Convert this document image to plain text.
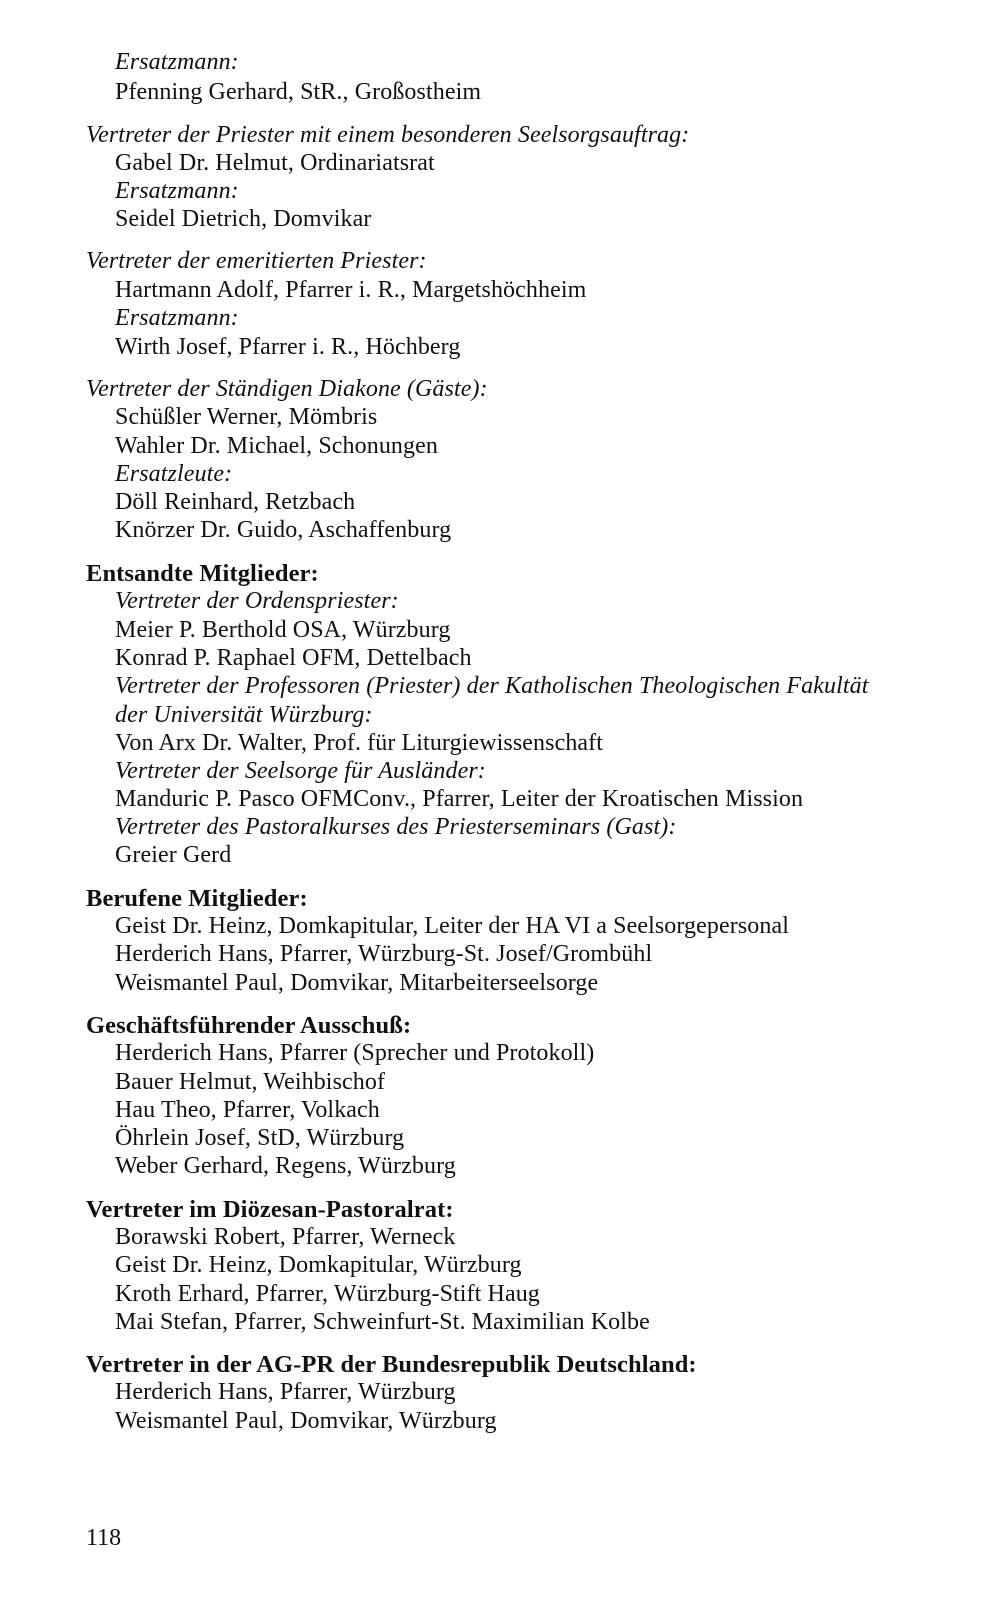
Ersatzmann:
Pfenning Gerhard, StR., Großostheim
Vertreter der Priester mit einem besonderen Seelsorgsauftrag:
Gabel Dr. Helmut, Ordinariatsrat
Ersatzmann:
Seidel Dietrich, Domvikar
Vertreter der emeritierten Priester:
Hartmann Adolf, Pfarrer i. R., Margetshöchheim
Ersatzmann:
Wirth Josef, Pfarrer i. R., Höchberg
Vertreter der Ständigen Diakone (Gäste):
Schüßler Werner, Mömbris
Wahler Dr. Michael, Schonungen
Ersatzleute:
Döll Reinhard, Retzbach
Knörzer Dr. Guido, Aschaffenburg
Entsandte Mitglieder:
Vertreter der Ordenspriester:
Meier P. Berthold OSA, Würzburg
Konrad P. Raphael OFM, Dettelbach
Vertreter der Professoren (Priester) der Katholischen Theologischen Fakultät
der Universität Würzburg:
Von Arx Dr. Walter, Prof. für Liturgiewissenschaft
Vertreter der Seelsorge für Ausländer:
Manduric P. Pasco OFMConv., Pfarrer, Leiter der Kroatischen Mission
Vertreter des Pastoralkurses des Priesterseminars (Gast):
Greier Gerd
Berufene Mitglieder:
Geist Dr. Heinz, Domkapitular, Leiter der HA VI a Seelsorgepersonal
Herderich Hans, Pfarrer, Würzburg-St. Josef/Grombühl
Weismantel Paul, Domvikar, Mitarbeiterseelsorge
Geschäftsführender Ausschuß:
Herderich Hans, Pfarrer (Sprecher und Protokoll)
Bauer Helmut, Weihbischof
Hau Theo, Pfarrer, Volkach
Öhrlein Josef, StD, Würzburg
Weber Gerhard, Regens, Würzburg
Vertreter im Diözesan-Pastoralrat:
Borawski Robert, Pfarrer, Werneck
Geist Dr. Heinz, Domkapitular, Würzburg
Kroth Erhard, Pfarrer, Würzburg-Stift Haug
Mai Stefan, Pfarrer, Schweinfurt-St. Maximilian Kolbe
Vertreter in der AG-PR der Bundesrepublik Deutschland:
Herderich Hans, Pfarrer, Würzburg
Weismantel Paul, Domvikar, Würzburg
118
